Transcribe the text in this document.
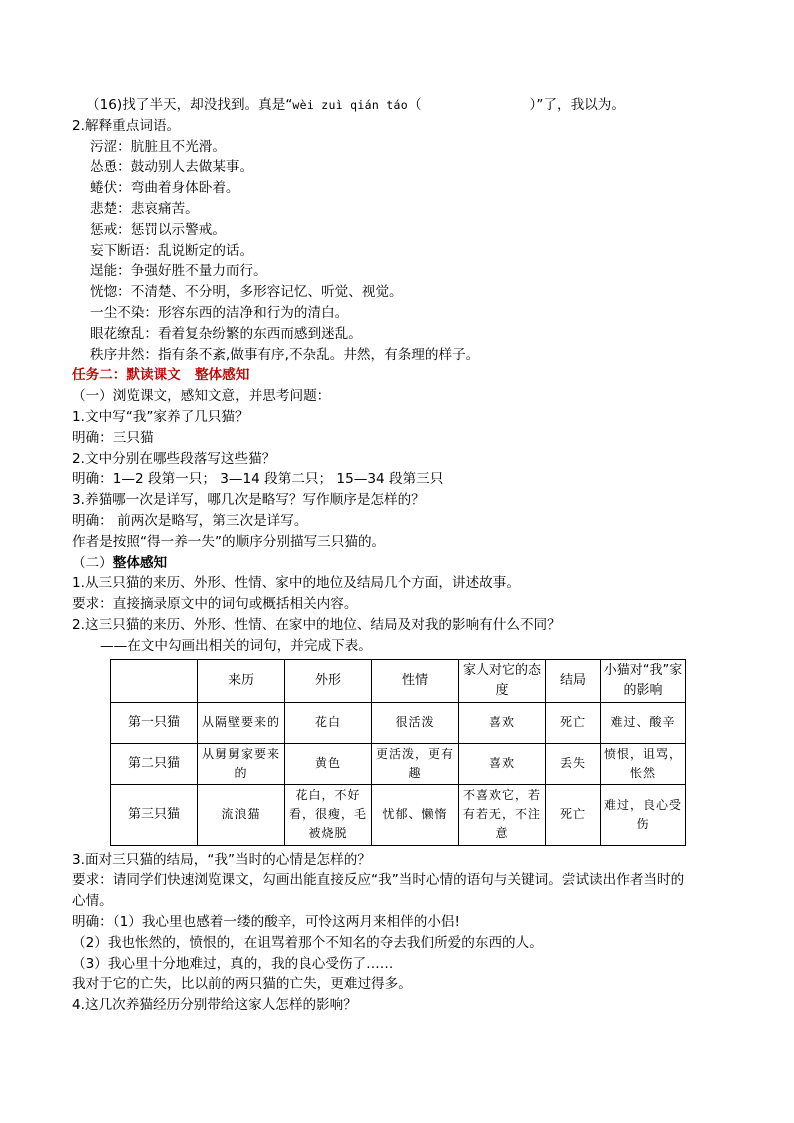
（16)找了半天，却没找到。真是“wèi zuì qián táo（	）”了，我以为。
2.解释重点词语。
污涩：肮脏且不光滑。
怂恿：鼓动别人去做某事。
蜷伏：弯曲着身体卧着。
悲楚：悲哀痛苦。
惩戒：惩罚以示警戒。
妄下断语：乱说断定的话。
逞能：争强好胜不量力而行。
恍惚：不清楚、不分明，多形容记忆、听觉、视觉。
一尘不染：形容东西的洁净和行为的清白。
眼花缭乱：看着复杂纷繁的东西而感到迷乱。
秩序井然：指有条不紊,做事有序,不杂乱。井然，有条理的样子。
任务二：默读课文 整体感知
（一）浏览课文，感知文意，并思考问题：
1.文中写“我”家养了几只猫？
明确：三只猫
2.文中分别在哪些段落写这些猫？
明确：1—2 段第一只； 3—14 段第二只； 15—34 段第三只
3.养猫哪一次是详写，哪几次是略写？写作顺序是怎样的？
明确： 前两次是略写，第三次是详写。
作者是按照“得一养一失”的顺序分别描写三只猫的。
（二）整体感知
1.从三只猫的来历、外形、性情、家中的地位及结局几个方面，讲述故事。
要求：直接摘录原文中的词句或概括相关内容。
2.这三只猫的来历、外形、性情、在家中的地位、结局及对我的影响有什么不同？
——在文中勾画出相关的词句，并完成下表。
	来历	外形	性情	家人对它的态度	结局	小猫对“我”家的影响
第一只猫	从隔壁要来的	花白	很活泼	喜欢	死亡	难过、酸辛
第二只猫	从舅舅家要来的	黄色	更活泼，更有趣	喜欢	丢失	愤恨，诅骂，怅然
第三只猫	流浪猫	花白，不好看，很瘦，毛被烧脱	忧郁、懒惰	不喜欢它，若有若无，不注意	死亡	难过，良心受伤
3.面对三只猫的结局，“我”当时的心情是怎样的？
要求：请同学们快速浏览课文，勾画出能直接反应“我”当时心情的语句与关键词。尝试读出作者当时的
心情。
明确：（1）我心里也感着一缕的酸辛，可怜这两月来相伴的小侣!
（2）我也怅然的，愤恨的，在诅骂着那个不知名的夺去我们所爱的东西的人。
（3）我心里十分地难过，真的，我的良心受伤了……
我对于它的亡失，比以前的两只猫的亡失，更难过得多。
4.这几次养猫经历分别带给这家人怎样的影响？
